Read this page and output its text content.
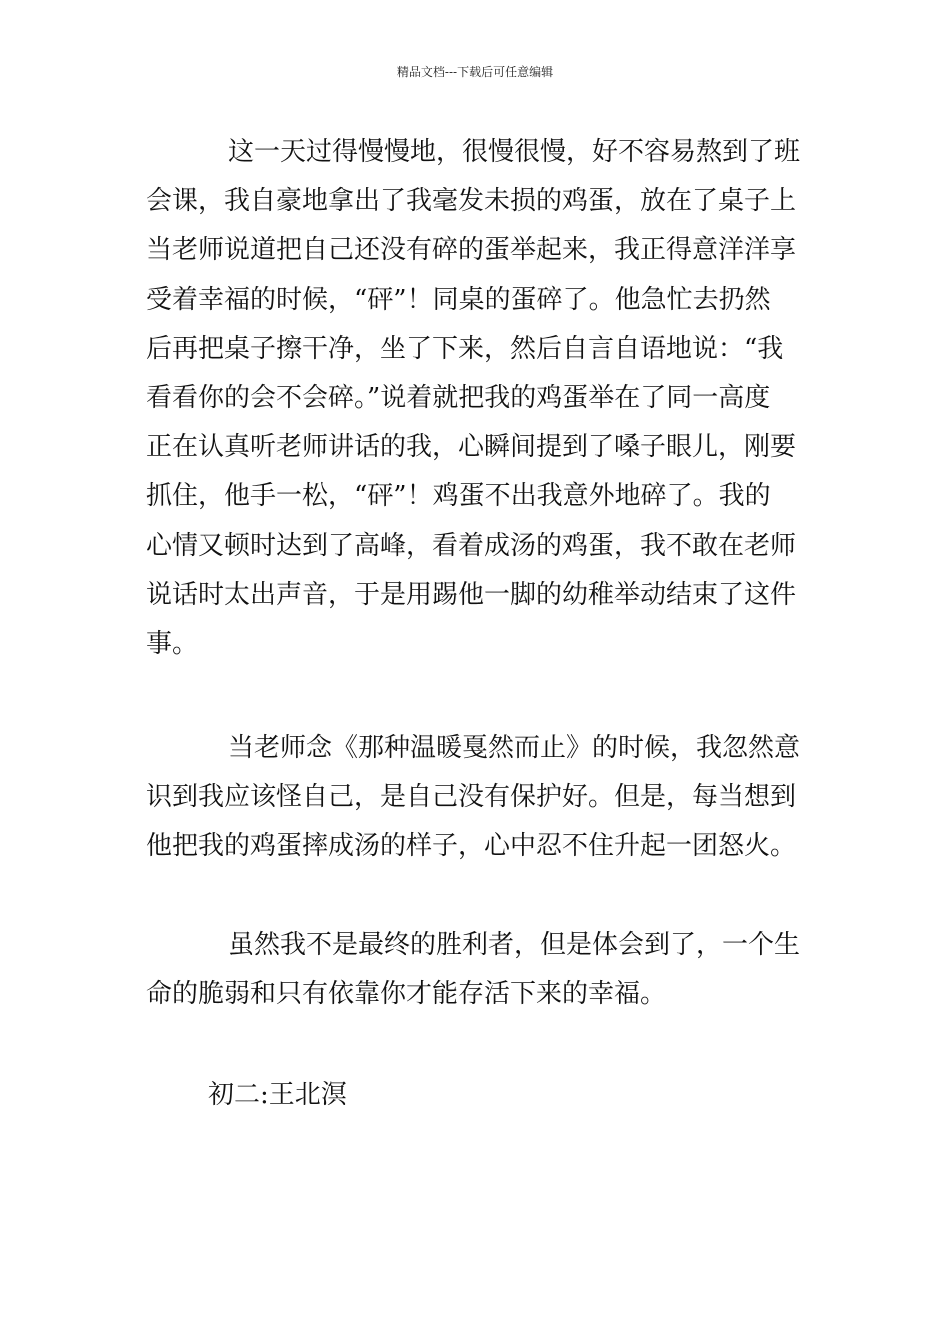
精品文档---下载后可任意编辑
这一天过得慢慢地，很慢很慢，好不容易熬到了班
会课，我自豪地拿出了我毫发未损的鸡蛋，放在了桌子上
当老师说道把自己还没有碎的蛋举起来，我正得意洋洋享
受着幸福的时候，“砰”！同桌的蛋碎了。他急忙去扔然
后再把桌子擦干净，坐了下来，然后自言自语地说：“我
看看你的会不会碎。”说着就把我的鸡蛋举在了同一高度
正在认真听老师讲话的我，心瞬间提到了嗓子眼儿，刚要
抓住，他手一松，“砰”！鸡蛋不出我意外地碎了。我的
心情又顿时达到了高峰，看着成汤的鸡蛋，我不敢在老师
说话时太出声音，于是用踢他一脚的幼稚举动结束了这件
事。
当老师念《那种温暖戛然而止》的时候，我忽然意
识到我应该怪自己，是自己没有保护好。但是，每当想到
他把我的鸡蛋摔成汤的样子，心中忍不住升起一团怒火。
虽然我不是最终的胜利者，但是体会到了，一个生
命的脆弱和只有依靠你才能存活下来的幸福。
初二:王北溟
